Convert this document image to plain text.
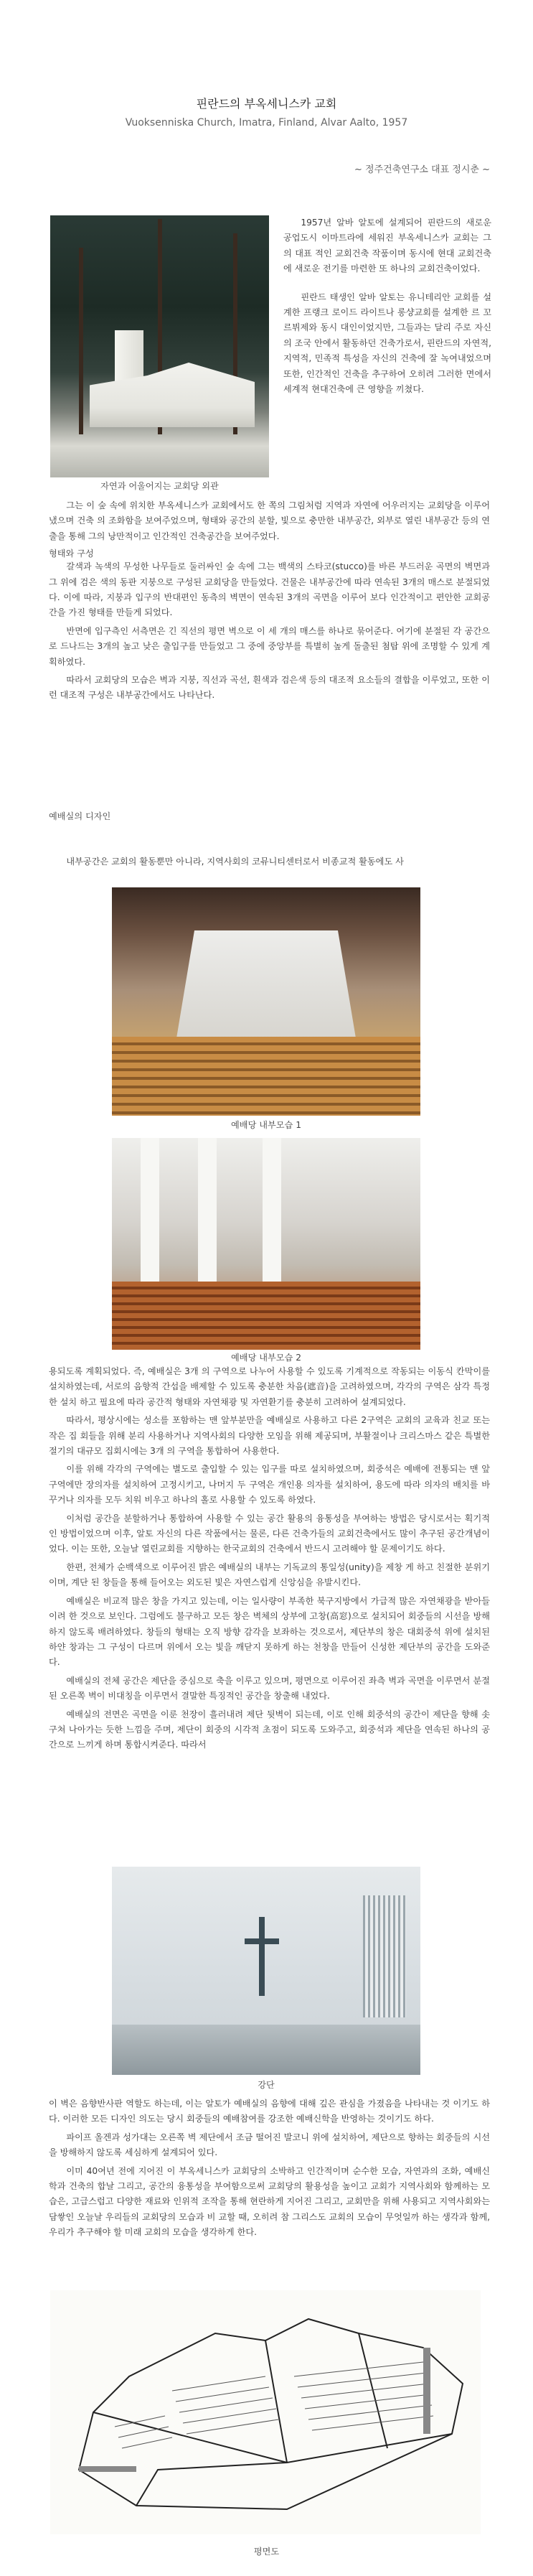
핀란드의 부옥세니스카 교회
Vuoksenniska Church, Imatra, Finland, Alvar Aalto, 1957
~ 정주건축연구소 대표 정시춘 ~
자연과 어울어지는 교회당 외관

1957년 알바 알토에 설계되어 핀란드의 새로운 공업도시 이마트라에 세워진 부옥세니스카 교회는 그의 대표 적인 교회건축 작품이며 동시에 현대 교회건축에 새로운 전기를 마련한 또 하나의 교회건축이었다.

핀란드 태생인 알바 알토는 유니테리안 교회를 설계한 프랭크 로이드 라이트나 롱샹교회를 설계한 르 꼬르뷔제와 동시 대인이었지만, 그들과는 달리 주로 자신의 조국 안에서 활동하던 건축가로서, 핀란드의 자연적, 지역적, 민족적 특성을 자신의 건축에 잘 녹여내었으며 또한, 인간적인 건축을 추구하여 오히려 그러한 면에서 세계적 현대건축에 큰 영향을 끼쳤다.

그는 이 숲 속에 위치한 부옥세니스카 교회에서도 한 쪽의 그림처럼 지역과 자연에 어우러지는 교회당을 이루어냈으며 건축 의 조화함을 보여주었으며, 형태와 공간의 분할, 빛으로 충만한 내부공간, 외부로 열린 내부공간 등의 연출을 통해 그의 낭만적이고 인간적인 건축공간을 보여주었다.

형태와 구성

갈색과 녹색의 무성한 나무들로 둘러싸인 숲 속에 그는 백색의 스타코(stucco)를 바른 부드러운 곡면의 벽면과 그 위에 검은 색의 동판 지붕으로 구성된 교회당을 만들었다. 건물은 내부공간에 따라 연속된 3개의 매스로 분절되었다. 이에 따라, 지붕과 입구의 반대편인 동측의 벽면이 연속된 3개의 곡면을 이루어 보다 인간적이고 편안한 교회공간을 가진 형태를 만들게 되었다.

반면에 입구측인 서측면은 긴 직선의 평면 벽으로 이 세 개의 매스를 하나로 묶어준다. 여기에 분절된 각 공간으로 드나드는 3개의 높고 낮은 출입구를 만들었고 그 중에 중앙부를 특별히 높게 돌출된 첨탑 위에 조명할 수 있게 계획하였다.

따라서 교회당의 모습은 벽과 지붕, 직선과 곡선, 흰색과 검은색 등의 대조적 요소들의 결합을 이루었고, 또한 이런 대조적 구성은 내부공간에서도 나타난다.

예배실의 디자인
내부공간은 교회의 활동뿐만 아니라, 지역사회의 코뮤니티센터로서 비종교적 활동에도 사
예배당 내부모습 1
예배당 내부모습 2

용되도록 계획되었다. 즉, 예배실은 3개 의 구역으로 나누어 사용할 수 있도록 기계적으로 작동되는 이동식 칸막이를 설치하였는데, 서로의 음향적 간섭을 배제할 수 있도록 충분한 차음(遮音)을 고려하였으며, 각각의 구역은 삼각 특정한 설치 하고 필요에 따라 공간적 형태와 자연채광 및 자연환기를 충분히 고려하여 설계되었다.

따라서, 평상시에는 성소를 포함하는 맨 앞부분만을 예배실로 사용하고 다른 2구역은 교회의 교육과 친교 또는 작은 집 회들을 위해 분리 사용하거나 지역사회의 다양한 모임을 위해 제공되며, 부활절이나 크리스마스 같은 특별한 절기의 대규모 집회시에는 3개 의 구역을 통합하여 사용한다.

이를 위해 각각의 구역에는 별도로 출입할 수 있는 입구를 따로 설치하였으며, 회중석은 예배에 전통되는 맨 앞 구역에만 장의자를 설치하여 고정시키고, 나머지 두 구역은 개인용 의자를 설치하여, 용도에 따라 의자의 배치를 바꾸거나 의자를 모두 치워 비우고 하나의 홀로 사용할 수 있도록 하였다.

이처럼 공간을 분할하거나 통합하여 사용할 수 있는 공간 활용의 융통성을 부여하는 방법은 당시로서는 획기적인 방법이었으며 이후, 알토 자신의 다른 작품에서는 물론, 다른 건축가들의 교회건축에서도 많이 추구된 공간개념이었다. 이는 또한, 오늘날 열린교회를 지향하는 한국교회의 건축에서 반드시 고려해야 할 문제이기도 하다.

한편, 전체가 순백색으로 이루어진 밝은 예배실의 내부는 기독교의 통일성(unity)을 제창 게 하고 친절한 분위기이며, 계단 된 창들을 통해 들어오는 외도된 빛은 자연스럽게 신앙심을 유발시킨다.

예배실은 비교적 많은 창을 가지고 있는데, 이는 일사량이 부족한 북구지방에서 가급적 많은 자연채광을 받아들이려 한 것으로 보인다. 그럼에도 불구하고 모든 창은 벽체의 상부에 고창(高窓)으로 설치되어 회중들의 시선을 방해하지 않도록 배려하였다. 창들의 형태는 오직 방향 감각을 보좌하는 것으로서, 제단부의 창은 대회중석 위에 설치된 하얀 창과는 그 구성이 다르며 위에서 오는 빛을 깨닫지 못하게 하는 천창을 만들어 신성한 제단부의 공간을 도와준다.

예배실의 전체 공간은 제단을 중심으로 축을 이루고 있으며, 평면으로 이루어진 좌측 벽과 곡면을 이루면서 분절된 오른쪽 벽이 비대칭을 이루면서 결말한 특징적인 공간을 창출해 내었다.

예배실의 전면은 곡면을 이룬 천장이 흘러내려 제단 뒷벽이 되는데, 이로 인해 회중석의 공간이 제단을 향해 솟구쳐 나아가는 듯한 느낌을 주며, 제단이 회중의 시각적 초점이 되도록 도와주고, 회중석과 제단을 연속된 하나의 공간으로 느끼게 하며 통합시켜준다. 따라서

강단

이 벽은 음향반사판 역할도 하는데, 이는 알토가 예배실의 음향에 대해 깊은 관심을 가졌음을 나타내는 것 이기도 하다. 이러한 모든 디자인 의도는 당시 회중들의 예배참여를 강조한 예배신학을 반영하는 것이기도 하다.

파이프 올겐과 성가대는 오른쪽 벽 제단에서 조금 떨어진 발코니 위에 설치하여, 제단으로 향하는 회중들의 시선을 방해하지 않도록 세심하게 설계되어 있다.

이미 40여년 전에 지어진 이 부옥세니스카 교회당의 소박하고 인간적이며 순수한 모습, 자연과의 조화, 예배신학과 건축의 합날 그리고, 공간의 융통성을 부여함으로써 교회당의 활용성을 높이고 교회가 지역사회와 함께하는 모습은, 고급스럽고 다양한 재료와 인위적 조작을 통해 현란하게 지어진 그리고, 교회만을 위해 사용되고 지역사회와는 담쌓인 오늘날 우리들의 교회당의 모습과 비 교할 때, 오히려 참 그리스도 교회의 모습이 무엇일까 하는 생각과 함께, 우리가 추구해야 할 미래 교회의 모습을 생각하게 한다.

평면도
